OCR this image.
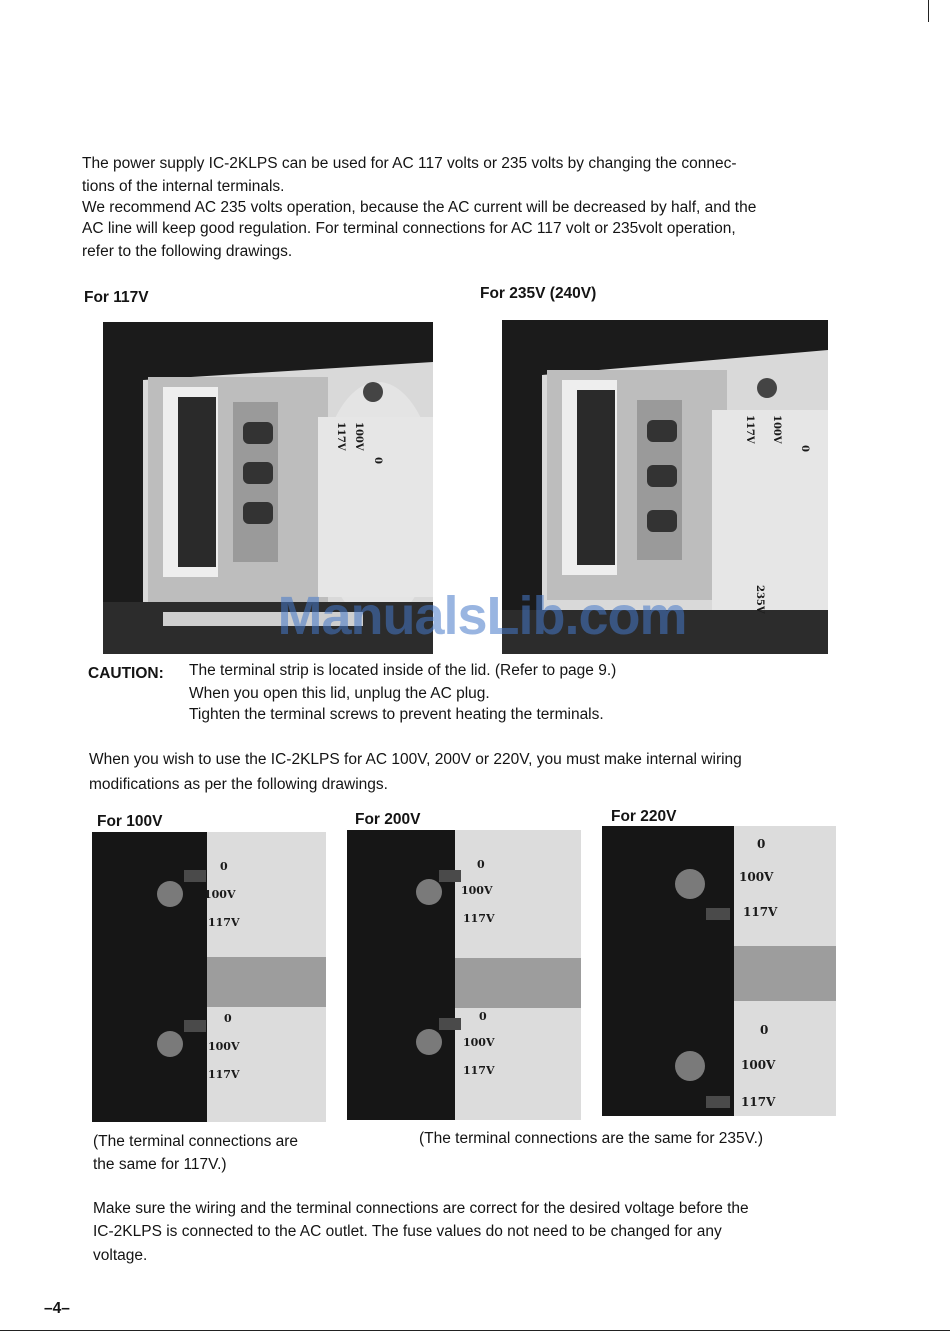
The power supply IC-2KLPS can be used for AC 117 volts or 235 volts by changing the connec-
tions of the internal terminals.
We recommend AC 235 volts operation, because the AC current will be decreased by half, and the
AC line will keep good regulation. For terminal connections for AC 117 volt or 235volt operation,
refer to the following drawings.
For 117V	For 235V (240V)
0
100V
117V	0
100V
117V
235V
ManualsLib.com
CAUTION: The terminal strip is located inside of the lid. (Refer to page 9.)
When you open this lid, unplug the AC plug.
Tighten the terminal screws to prevent heating the terminals.
When you wish to use the IC-2KLPS for AC 100V, 200V or 220V, you must make internal wiring
modifications as per the following drawings.
For 100V	For 200V	For 220V
0
100V
117V
0
100V
117V
0
100V
117V
0
100V
117V
0
100V
117V
0
100V
117V
(The terminal connections are
the same for 117V.)
(The terminal connections are the same for 235V.)
Make sure the wiring and the terminal connections are correct for the desired voltage before the
IC-2KLPS is connected to the AC outlet. The fuse values do not need to be changed for any
voltage.
–4–
